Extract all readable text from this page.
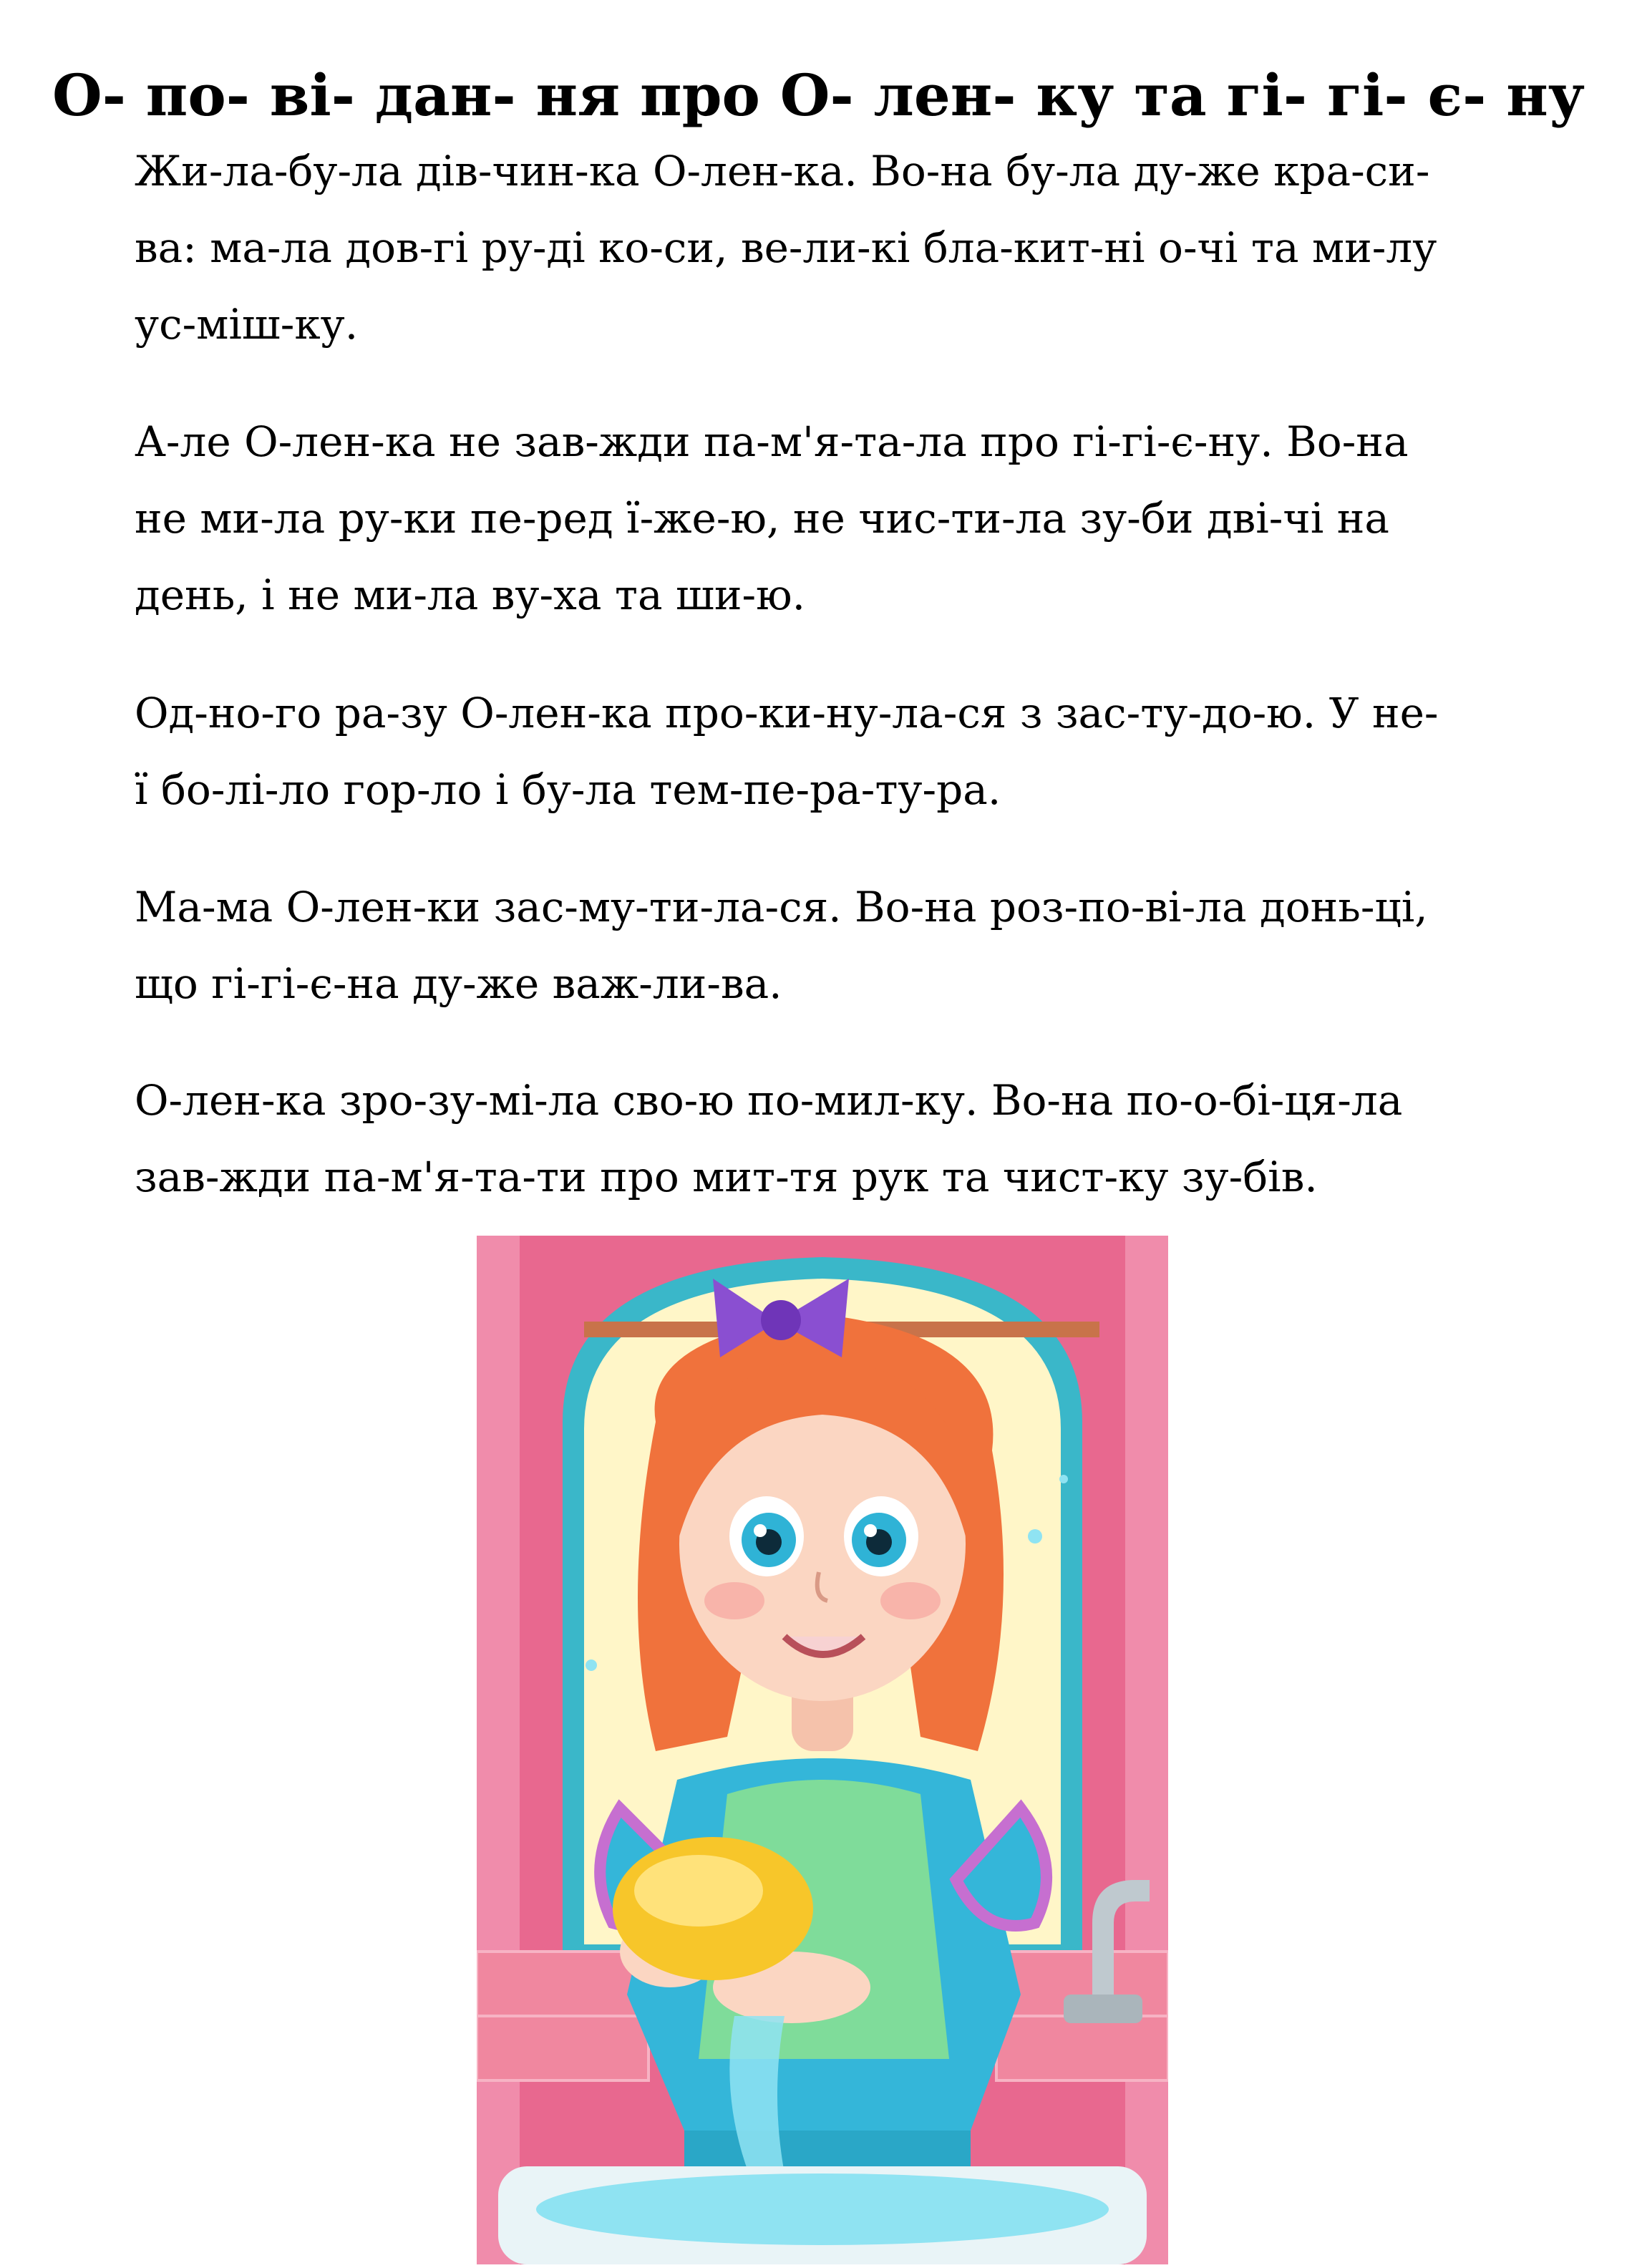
О- по- ві- дан- ня про О- лен- ку та гі- гі- є- ну

Жи-ла-бу-ла дів-чин-ка О-лен-ка. Во-на бу-ла ду-же кра-си-
ва: ма-ла дов-гі ру-ді ко-си, ве-ли-кі бла-кит-ні о-чі та ми-лу
ус-міш-ку.

А-ле О-лен-ка не зав-жди па-м'я-та-ла про гі-гі-є-ну. Во-на
не ми-ла ру-ки пе-ред ї-же-ю, не чис-ти-ла зу-би дві-чі на
день, і не ми-ла ву-ха та ши-ю.

Од-но-го ра-зу О-лен-ка про-ки-ну-ла-ся з зас-ту-до-ю. У не-
ї бо-лі-ло гор-ло і бу-ла тем-пе-ра-ту-ра.

Ма-ма О-лен-ки зас-му-ти-ла-ся. Во-на роз-по-ві-ла донь-ці,
що гі-гі-є-на ду-же важ-ли-ва.

О-лен-ка зро-зу-мі-ла сво-ю по-мил-ку. Во-на по-о-бі-ця-ла
зав-жди па-м'я-та-ти про мит-тя рук та чист-ку зу-бів.
